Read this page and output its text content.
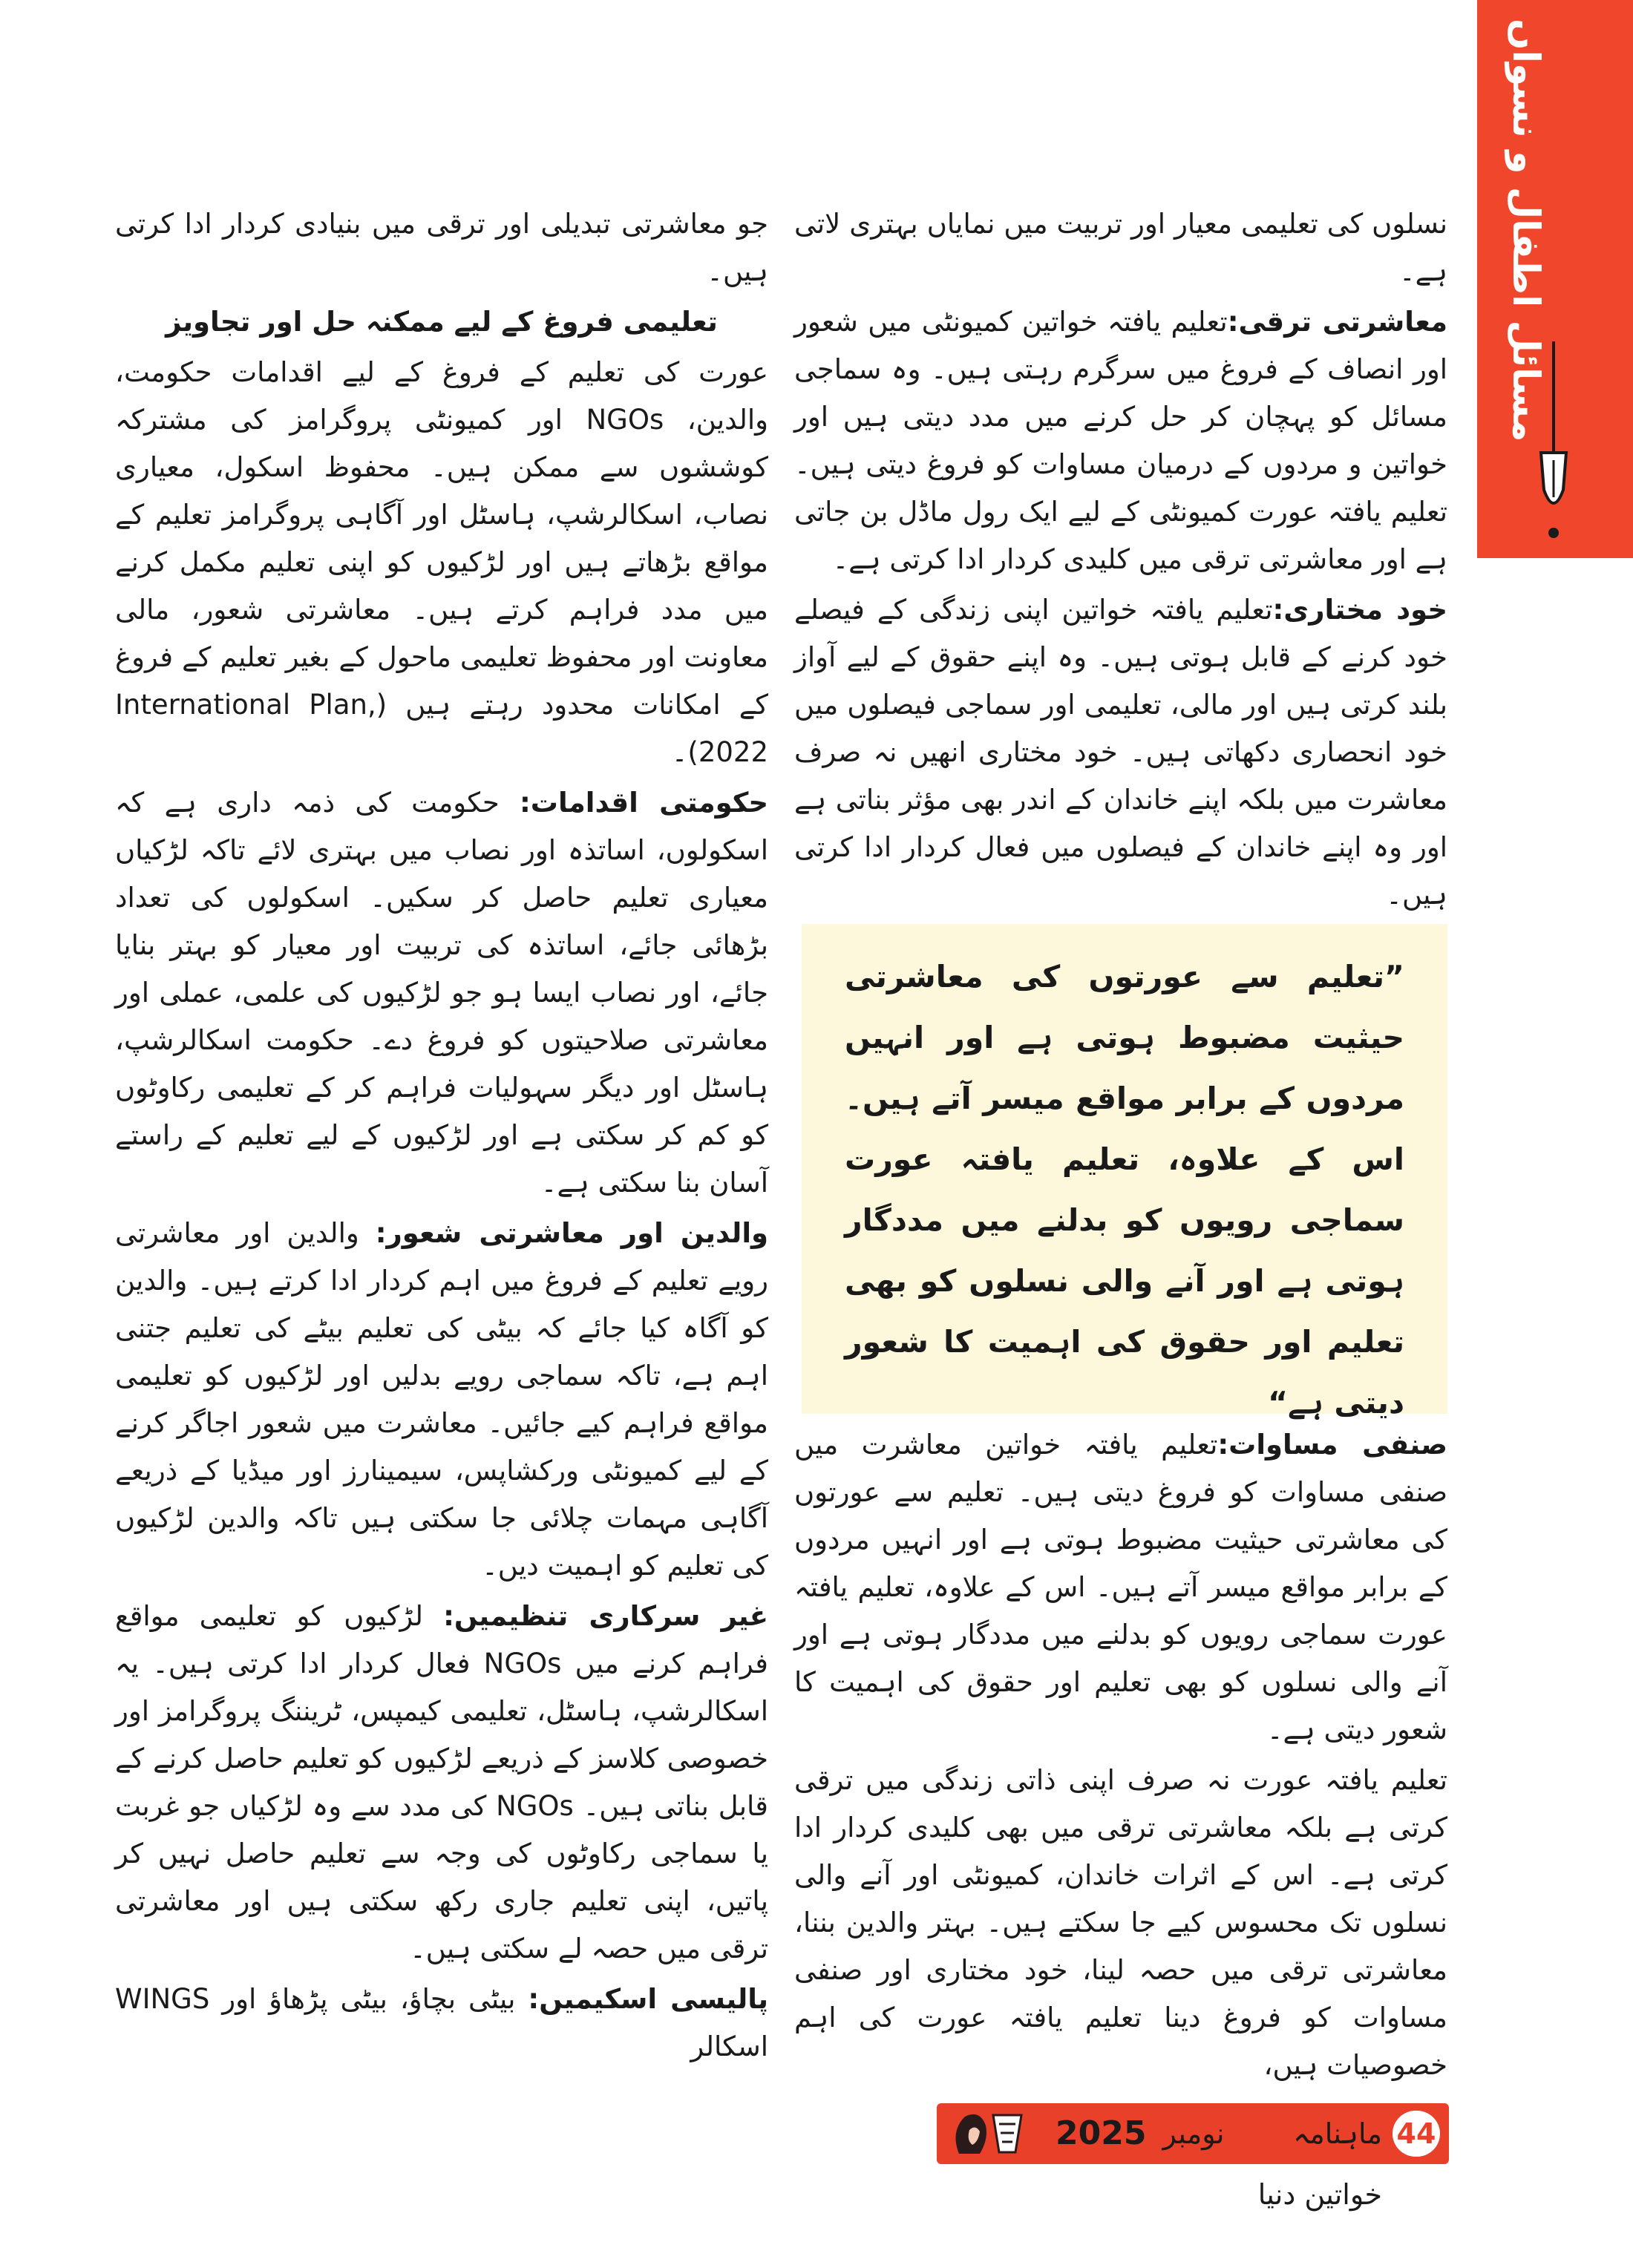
مسائل اطفال و نسواں

نسلوں کی تعلیمی معیار اور تربیت میں نمایاں بہتری لاتی ہے۔

معاشرتی ترقی:تعلیم یافتہ خواتین کمیونٹی میں شعور اور انصاف کے فروغ میں سرگرم رہتی ہیں۔ وہ سماجی مسائل کو پہچان کر حل کرنے میں مدد دیتی ہیں اور خواتین و مردوں کے درمیان مساوات کو فروغ دیتی ہیں۔ تعلیم یافتہ عورت کمیونٹی کے لیے ایک رول ماڈل بن جاتی ہے اور معاشرتی ترقی میں کلیدی کردار ادا کرتی ہے۔

خود مختاری:تعلیم یافتہ خواتین اپنی زندگی کے فیصلے خود کرنے کے قابل ہوتی ہیں۔ وہ اپنے حقوق کے لیے آواز بلند کرتی ہیں اور مالی، تعلیمی اور سماجی فیصلوں میں خود انحصاری دکھاتی ہیں۔ خود مختاری انھیں نہ صرف معاشرت میں بلکہ اپنے خاندان کے اندر بھی مؤثر بناتی ہے اور وہ اپنے خاندان کے فیصلوں میں فعال کردار ادا کرتی ہیں۔

”تعلیم سے عورتوں کی معاشرتی حیثیت مضبوط ہوتی ہے اور انہیں مردوں کے برابر مواقع میسر آتے ہیں۔ اس کے علاوہ، تعلیم یافتہ عورت سماجی رویوں کو بدلنے میں مددگار ہوتی ہے اور آنے والی نسلوں کو بھی تعلیم اور حقوق کی اہمیت کا شعور دیتی ہے“

صنفی مساوات:تعلیم یافتہ خواتین معاشرت میں صنفی مساوات کو فروغ دیتی ہیں۔ تعلیم سے عورتوں کی معاشرتی حیثیت مضبوط ہوتی ہے اور انہیں مردوں کے برابر مواقع میسر آتے ہیں۔ اس کے علاوہ، تعلیم یافتہ عورت سماجی رویوں کو بدلنے میں مددگار ہوتی ہے اور آنے والی نسلوں کو بھی تعلیم اور حقوق کی اہمیت کا شعور دیتی ہے۔

تعلیم یافتہ عورت نہ صرف اپنی ذاتی زندگی میں ترقی کرتی ہے بلکہ معاشرتی ترقی میں بھی کلیدی کردار ادا کرتی ہے۔ اس کے اثرات خاندان، کمیونٹی اور آنے والی نسلوں تک محسوس کیے جا سکتے ہیں۔ بہتر والدین بننا، معاشرتی ترقی میں حصہ لینا، خود مختاری اور صنفی مساوات کو فروغ دینا تعلیم یافتہ عورت کی اہم خصوصیات ہیں،

جو معاشرتی تبدیلی اور ترقی میں بنیادی کردار ادا کرتی ہیں۔

تعلیمی فروغ کے لیے ممکنہ حل اور تجاویز

عورت کی تعلیم کے فروغ کے لیے اقدامات حکومت، والدین، NGOs اور کمیونٹی پروگرامز کی مشترکہ کوششوں سے ممکن ہیں۔ محفوظ اسکول، معیاری نصاب، اسکالرشپ، ہاسٹل اور آگاہی پروگرامز تعلیم کے مواقع بڑھاتے ہیں اور لڑکیوں کو اپنی تعلیم مکمل کرنے میں مدد فراہم کرتے ہیں۔ معاشرتی شعور، مالی معاونت اور محفوظ تعلیمی ماحول کے بغیر تعلیم کے فروغ کے امکانات محدود رہتے ہیں (International Plan, 2022)۔

حکومتی اقدامات: حکومت کی ذمہ داری ہے کہ اسکولوں، اساتذہ اور نصاب میں بہتری لائے تاکہ لڑکیاں معیاری تعلیم حاصل کر سکیں۔ اسکولوں کی تعداد بڑھائی جائے، اساتذہ کی تربیت اور معیار کو بہتر بنایا جائے، اور نصاب ایسا ہو جو لڑکیوں کی علمی، عملی اور معاشرتی صلاحیتوں کو فروغ دے۔ حکومت اسکالرشپ، ہاسٹل اور دیگر سہولیات فراہم کر کے تعلیمی رکاوٹوں کو کم کر سکتی ہے اور لڑکیوں کے لیے تعلیم کے راستے آسان بنا سکتی ہے۔

والدین اور معاشرتی شعور: والدین اور معاشرتی رویے تعلیم کے فروغ میں اہم کردار ادا کرتے ہیں۔ والدین کو آگاہ کیا جائے کہ بیٹی کی تعلیم بیٹے کی تعلیم جتنی اہم ہے، تاکہ سماجی رویے بدلیں اور لڑکیوں کو تعلیمی مواقع فراہم کیے جائیں۔ معاشرت میں شعور اجاگر کرنے کے لیے کمیونٹی ورکشاپس، سیمینارز اور میڈیا کے ذریعے آگاہی مہمات چلائی جا سکتی ہیں تاکہ والدین لڑکیوں کی تعلیم کو اہمیت دیں۔

غیر سرکاری تنظیمیں: لڑکیوں کو تعلیمی مواقع فراہم کرنے میں NGOs فعال کردار ادا کرتی ہیں۔ یہ اسکالرشپ، ہاسٹل، تعلیمی کیمپس، ٹریننگ پروگرامز اور خصوصی کلاسز کے ذریعے لڑکیوں کو تعلیم حاصل کرنے کے قابل بناتی ہیں۔ NGOs کی مدد سے وہ لڑکیاں جو غربت یا سماجی رکاوٹوں کی وجہ سے تعلیم حاصل نہیں کر پاتیں، اپنی تعلیم جاری رکھ سکتی ہیں اور معاشرتی ترقی میں حصہ لے سکتی ہیں۔

پالیسی اسکیمیں: بیٹی بچاؤ، بیٹی پڑھاؤ اور WINGS اسکالر

ماہنامہ خواتین دنیا
نومبر
2025	44
